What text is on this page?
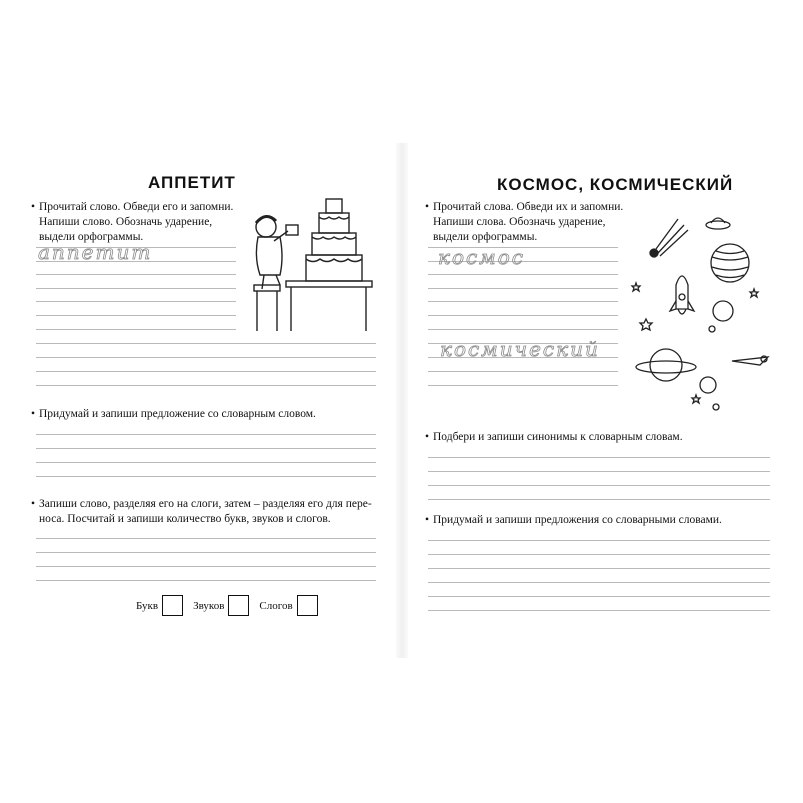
АППЕТИТ
• Прочитай слово. Обведи его и запомни.
Напиши слово. Обозначь ударение,
выдели орфограммы.
аппетит
• Придумай и запиши предложение со словарным словом.
• Запиши слово, разделяя его на слоги, затем – разделяя его для пере-
носа. Посчитай и запиши количество букв, звуков и слогов.
Букв	Звуков	Слогов
КОСМОС, КОСМИЧЕСКИЙ
• Прочитай слова. Обведи их и запомни.
Напиши слова. Обозначь ударение,
выдели орфограммы.
космос
космический
• Подбери и запиши синонимы к словарным словам.
• Придумай и запиши предложения со словарными словами.
